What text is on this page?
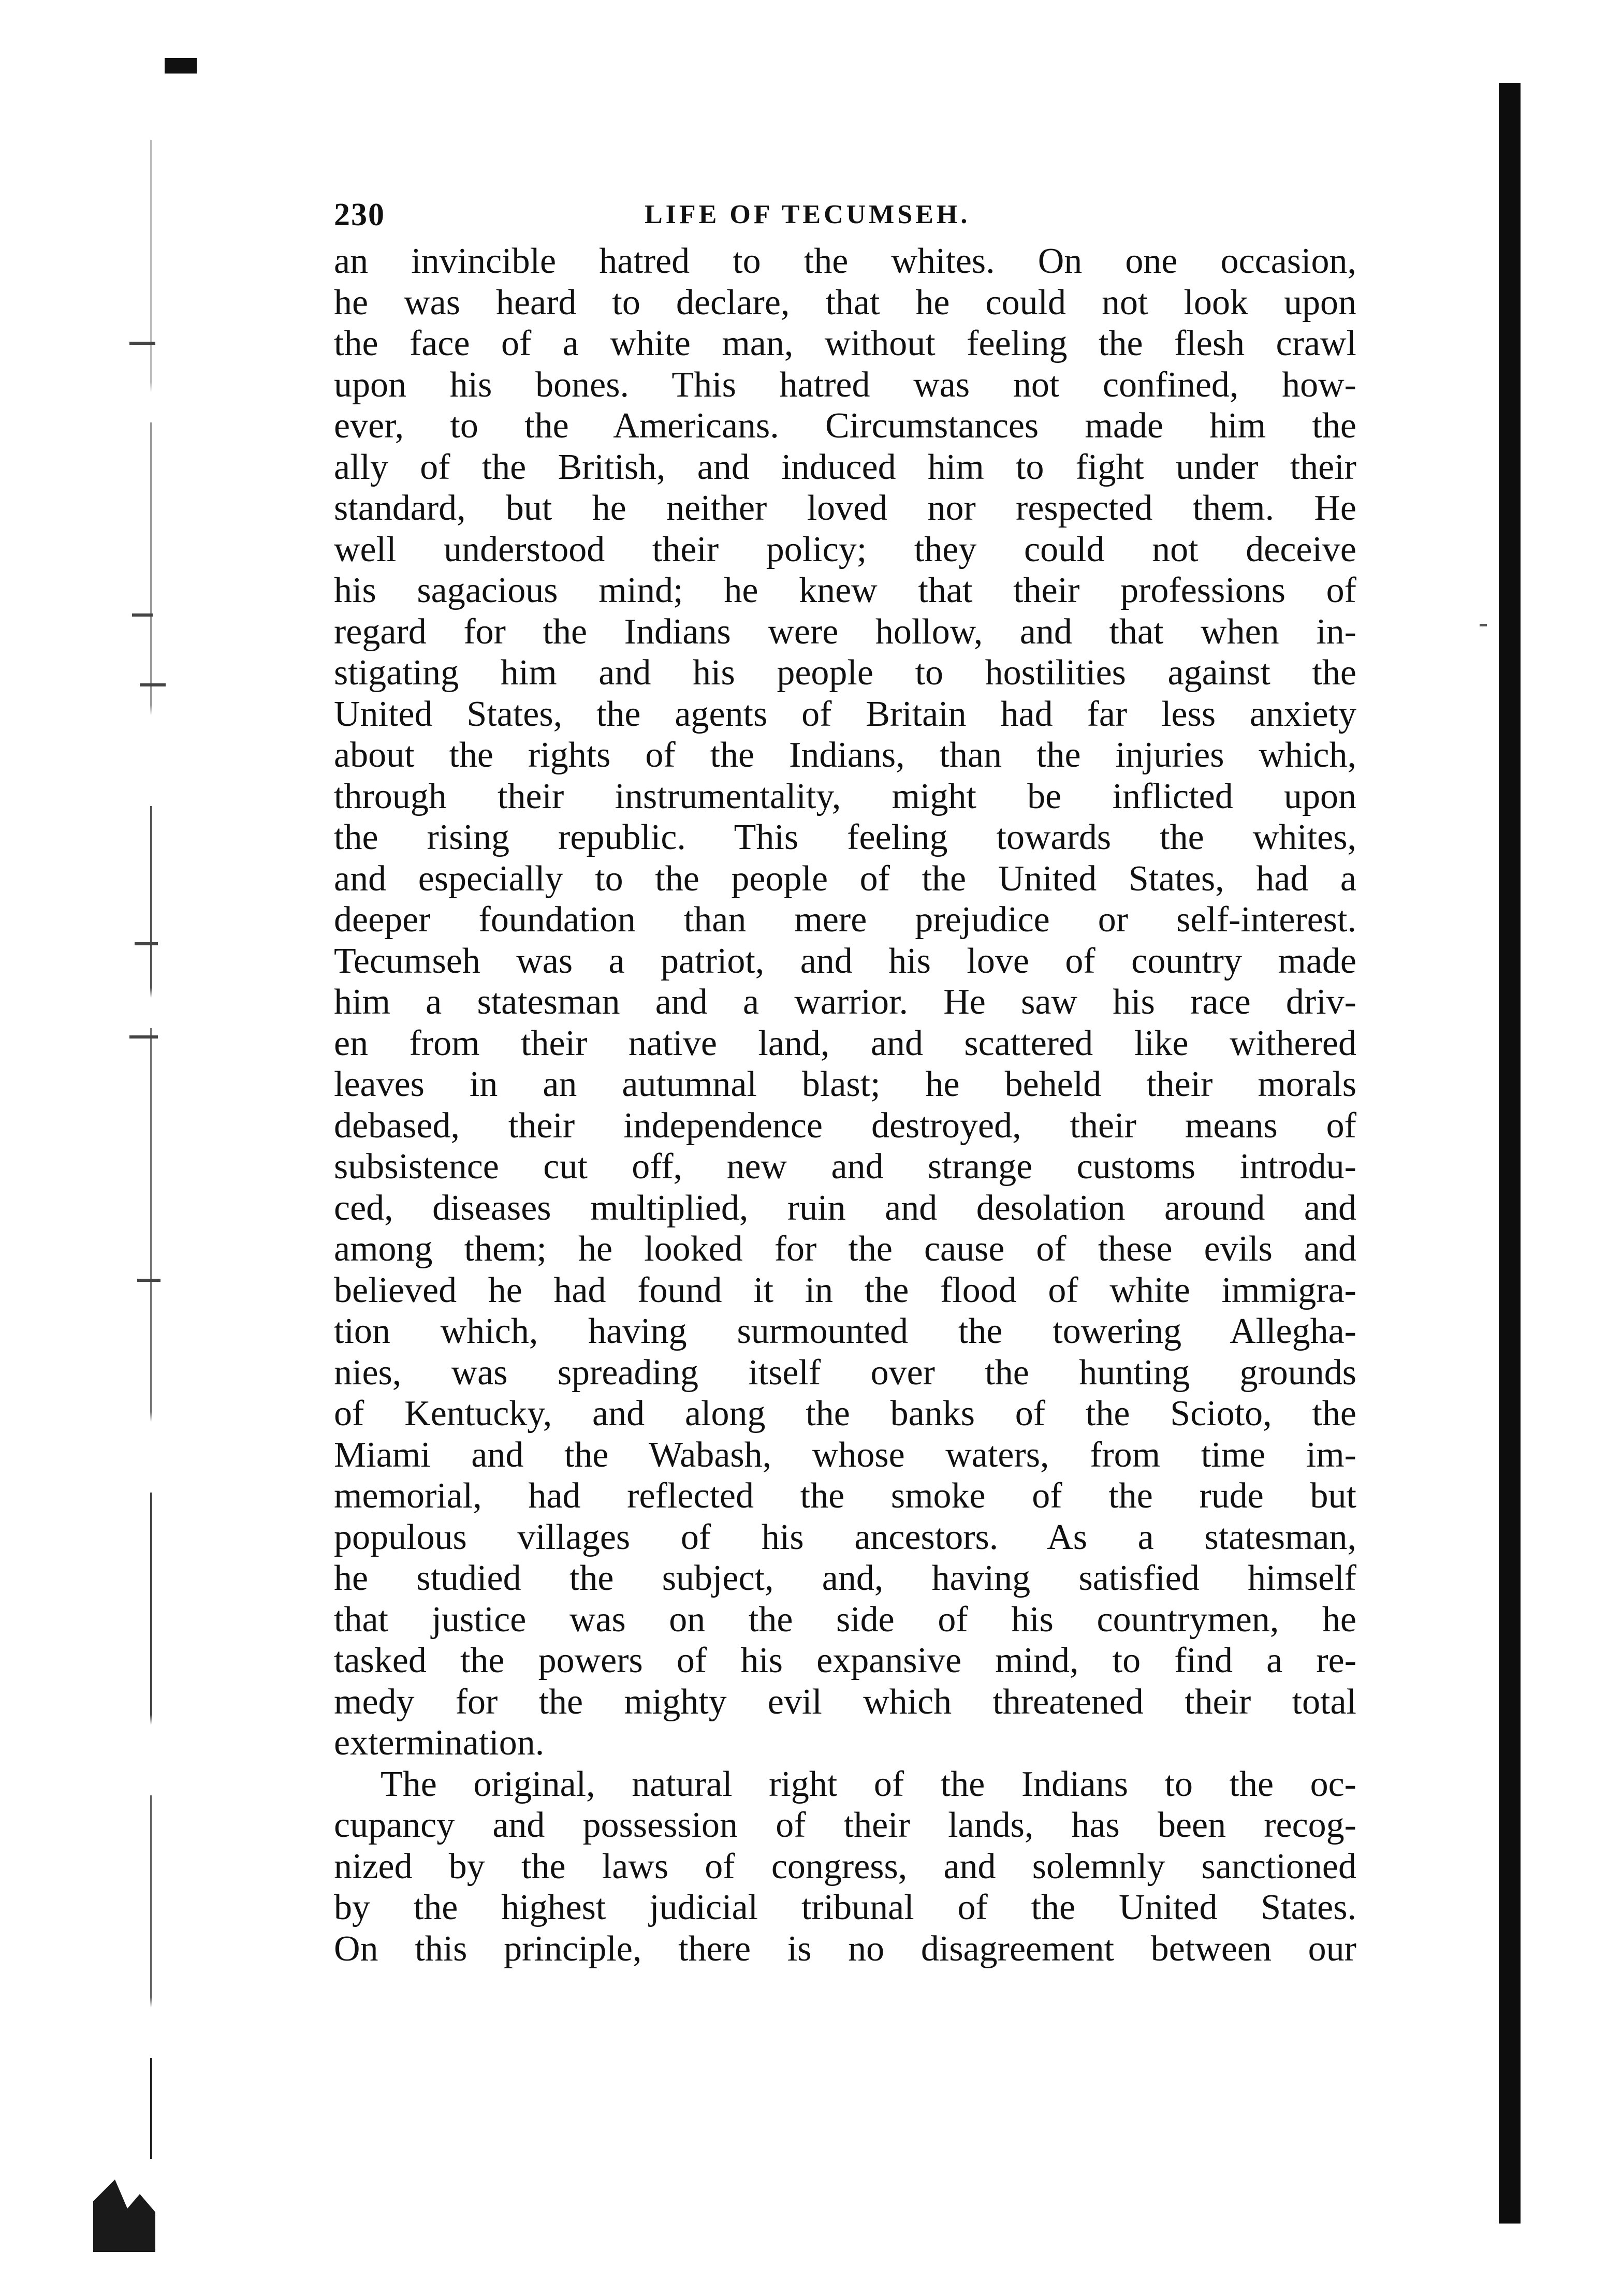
230	LIFE OF TECUMSEH.
an invincible hatred to the whites. On one occasion,
he was heard to declare, that he could not look upon
the face of a white man, without feeling the flesh crawl
upon his bones. This hatred was not confined, how-
ever, to the Americans. Circumstances made him the
ally of the British, and induced him to fight under their
standard, but he neither loved nor respected them. He
well understood their policy; they could not deceive
his sagacious mind; he knew that their professions of
regard for the Indians were hollow, and that when in-
stigating him and his people to hostilities against the
United States, the agents of Britain had far less anxiety
about the rights of the Indians, than the injuries which,
through their instrumentality, might be inflicted upon
the rising republic. This feeling towards the whites,
and especially to the people of the United States, had a
deeper foundation than mere prejudice or self-interest.
Tecumseh was a patriot, and his love of country made
him a statesman and a warrior. He saw his race driv-
en from their native land, and scattered like withered
leaves in an autumnal blast; he beheld their morals
debased, their independence destroyed, their means of
subsistence cut off, new and strange customs introdu-
ced, diseases multiplied, ruin and desolation around and
among them; he looked for the cause of these evils and
believed he had found it in the flood of white immigra-
tion which, having surmounted the towering Allegha-
nies, was spreading itself over the hunting grounds
of Kentucky, and along the banks of the Scioto, the
Miami and the Wabash, whose waters, from time im-
memorial, had reflected the smoke of the rude but
populous villages of his ancestors. As a statesman,
he studied the subject, and, having satisfied himself
that justice was on the side of his countrymen, he
tasked the powers of his expansive mind, to find a re-
medy for the mighty evil which threatened their total
extermination.
The original, natural right of the Indians to the oc-
cupancy and possession of their lands, has been recog-
nized by the laws of congress, and solemnly sanctioned
by the highest judicial tribunal of the United States.
On this principle, there is no disagreement between our
